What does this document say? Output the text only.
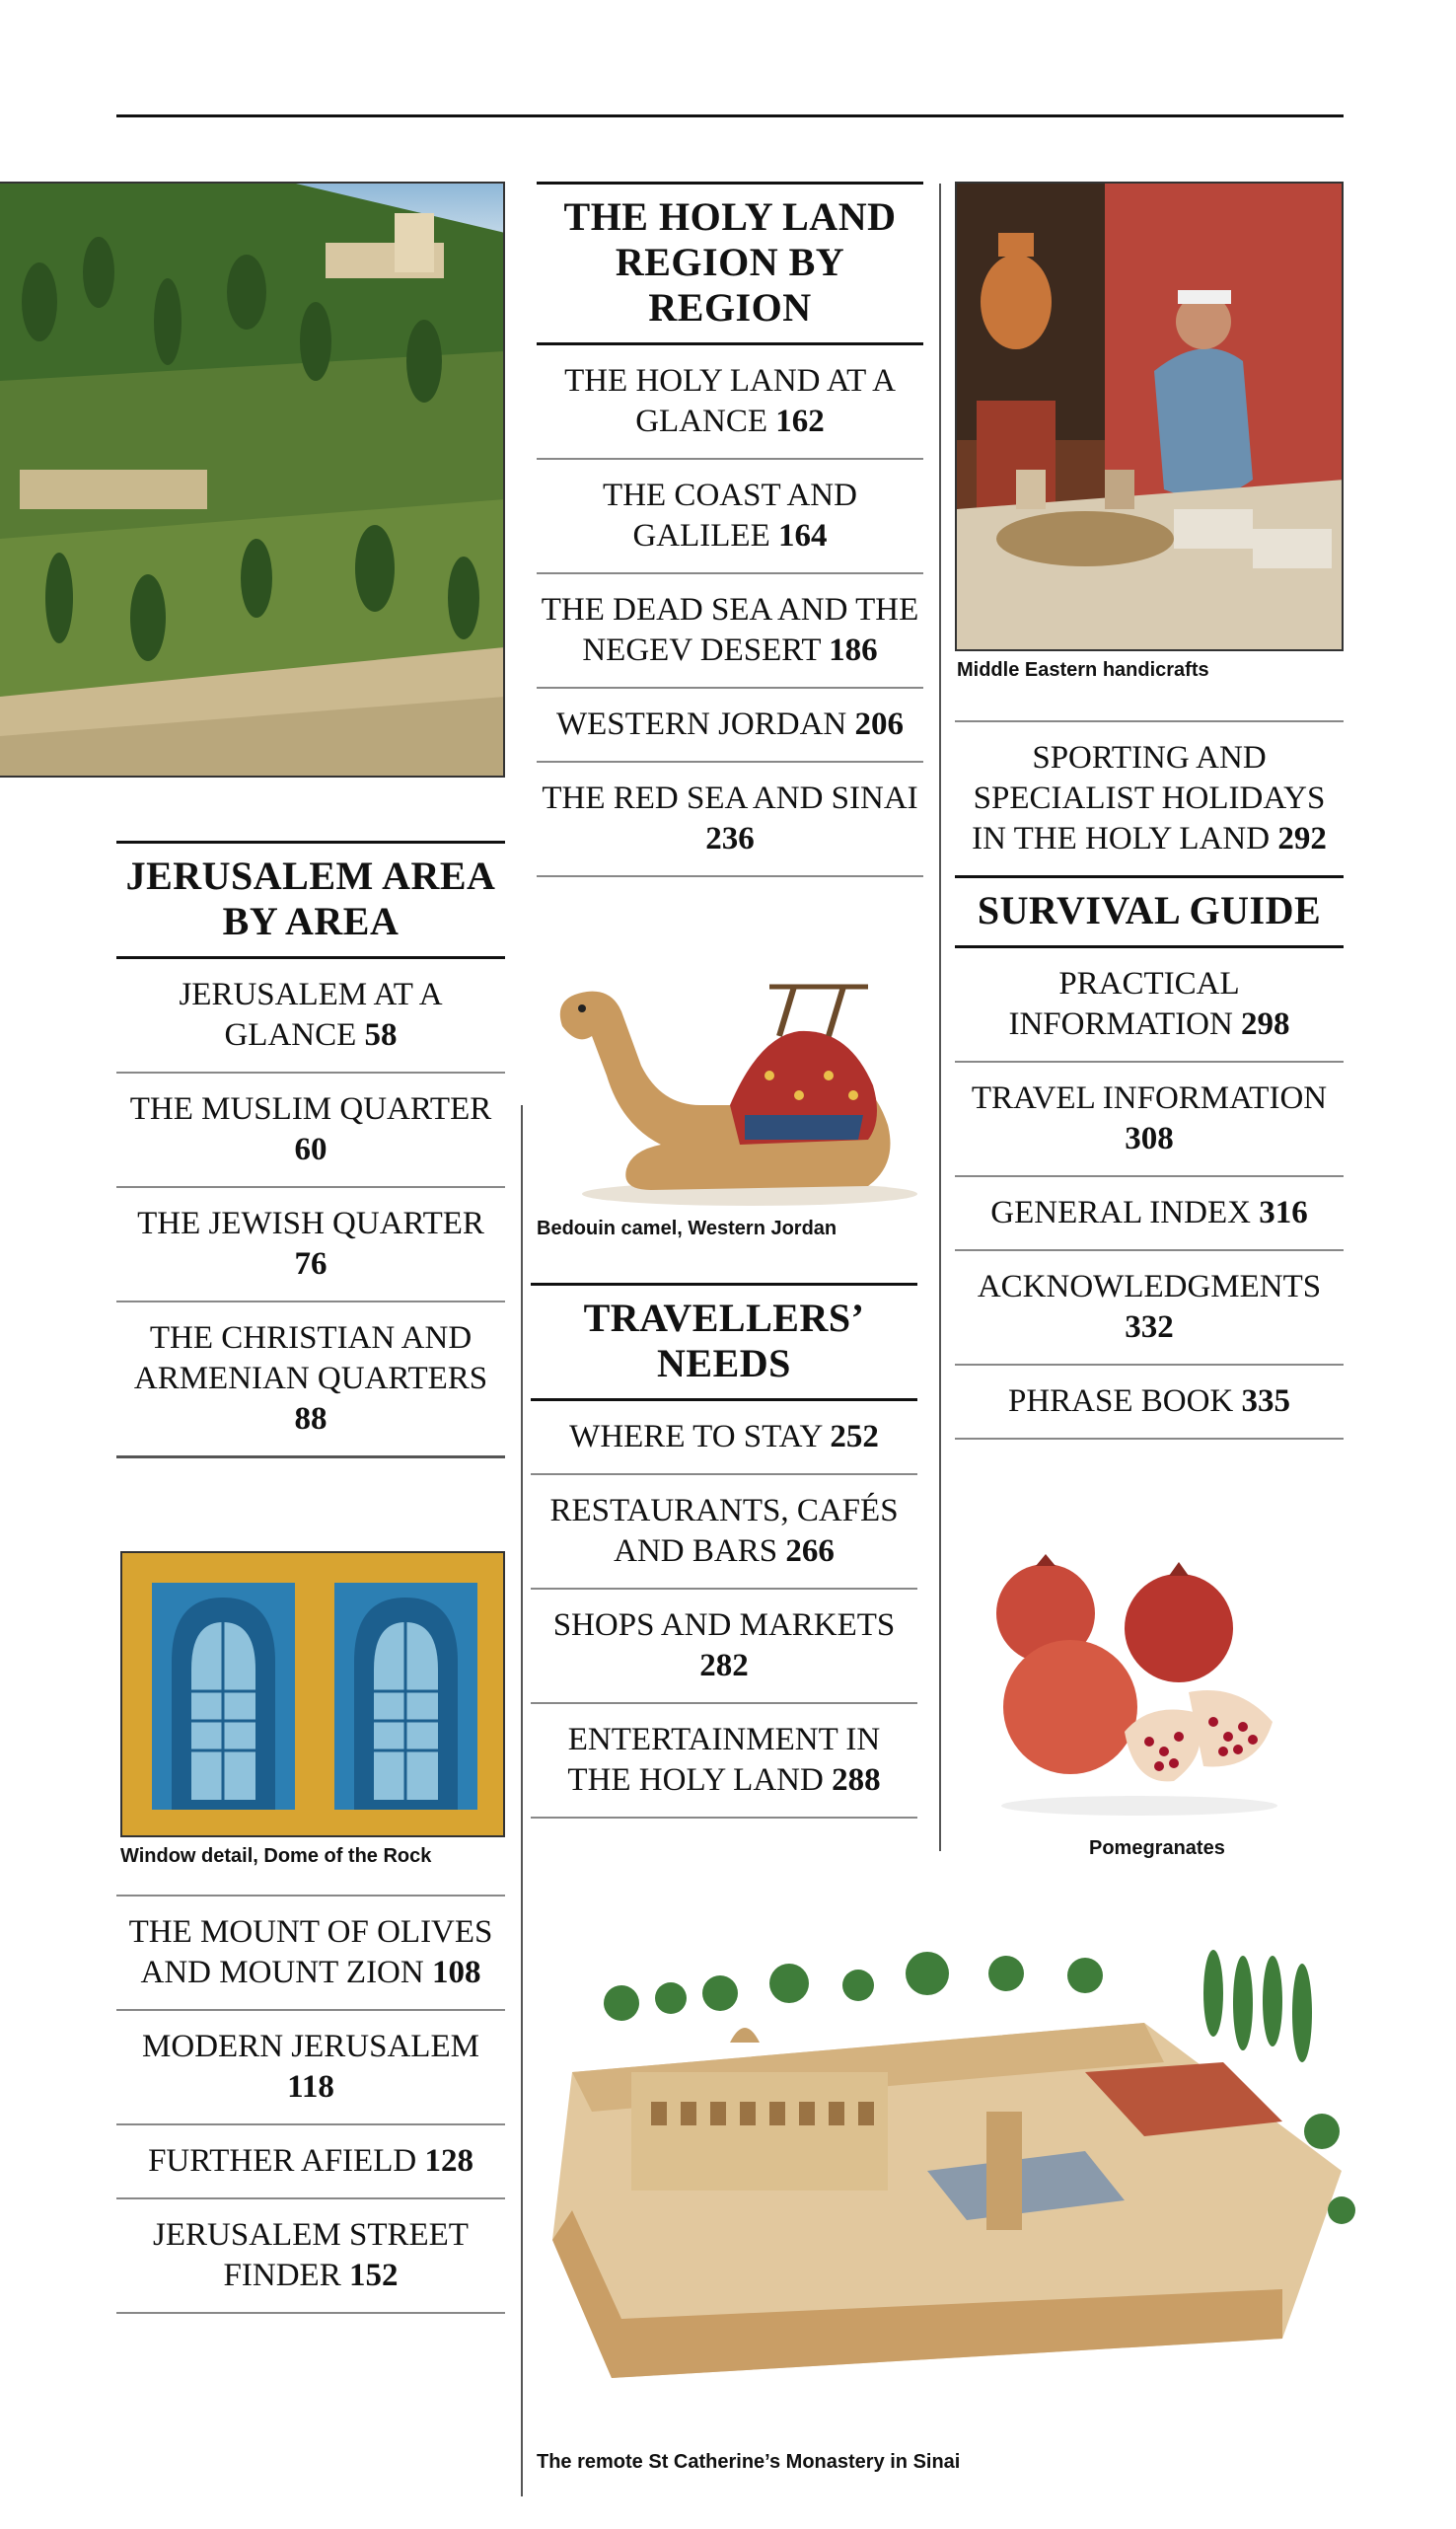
JERUSALEM AREA BY AREA
JERUSALEM AT A GLANCE 58
THE MUSLIM QUARTER 60
THE JEWISH QUARTER 76
THE CHRISTIAN AND ARMENIAN QUARTERS 88
Window detail, Dome of the Rock
THE MOUNT OF OLIVES AND MOUNT ZION 108
MODERN JERUSALEM 118
FURTHER AFIELD 128
JERUSALEM STREET FINDER 152
THE HOLY LAND REGION BY REGION
THE HOLY LAND AT A GLANCE 162
THE COAST AND GALILEE 164
THE DEAD SEA AND THE NEGEV DESERT 186
WESTERN JORDAN 206
THE RED SEA AND SINAI 236
Bedouin camel, Western Jordan
TRAVELLERS’ NEEDS
WHERE TO STAY 252
RESTAURANTS, CAFÉS AND BARS 266
SHOPS AND MARKETS 282
ENTERTAINMENT IN THE HOLY LAND 288
The remote St Catherine’s Monastery in Sinai
Middle Eastern handicrafts
SPORTING AND SPECIALIST HOLIDAYS IN THE HOLY LAND 292
SURVIVAL GUIDE
PRACTICAL INFORMATION 298
TRAVEL INFORMATION 308
GENERAL INDEX 316
ACKNOWLEDGMENTS 332
PHRASE BOOK 335
Pomegranates
